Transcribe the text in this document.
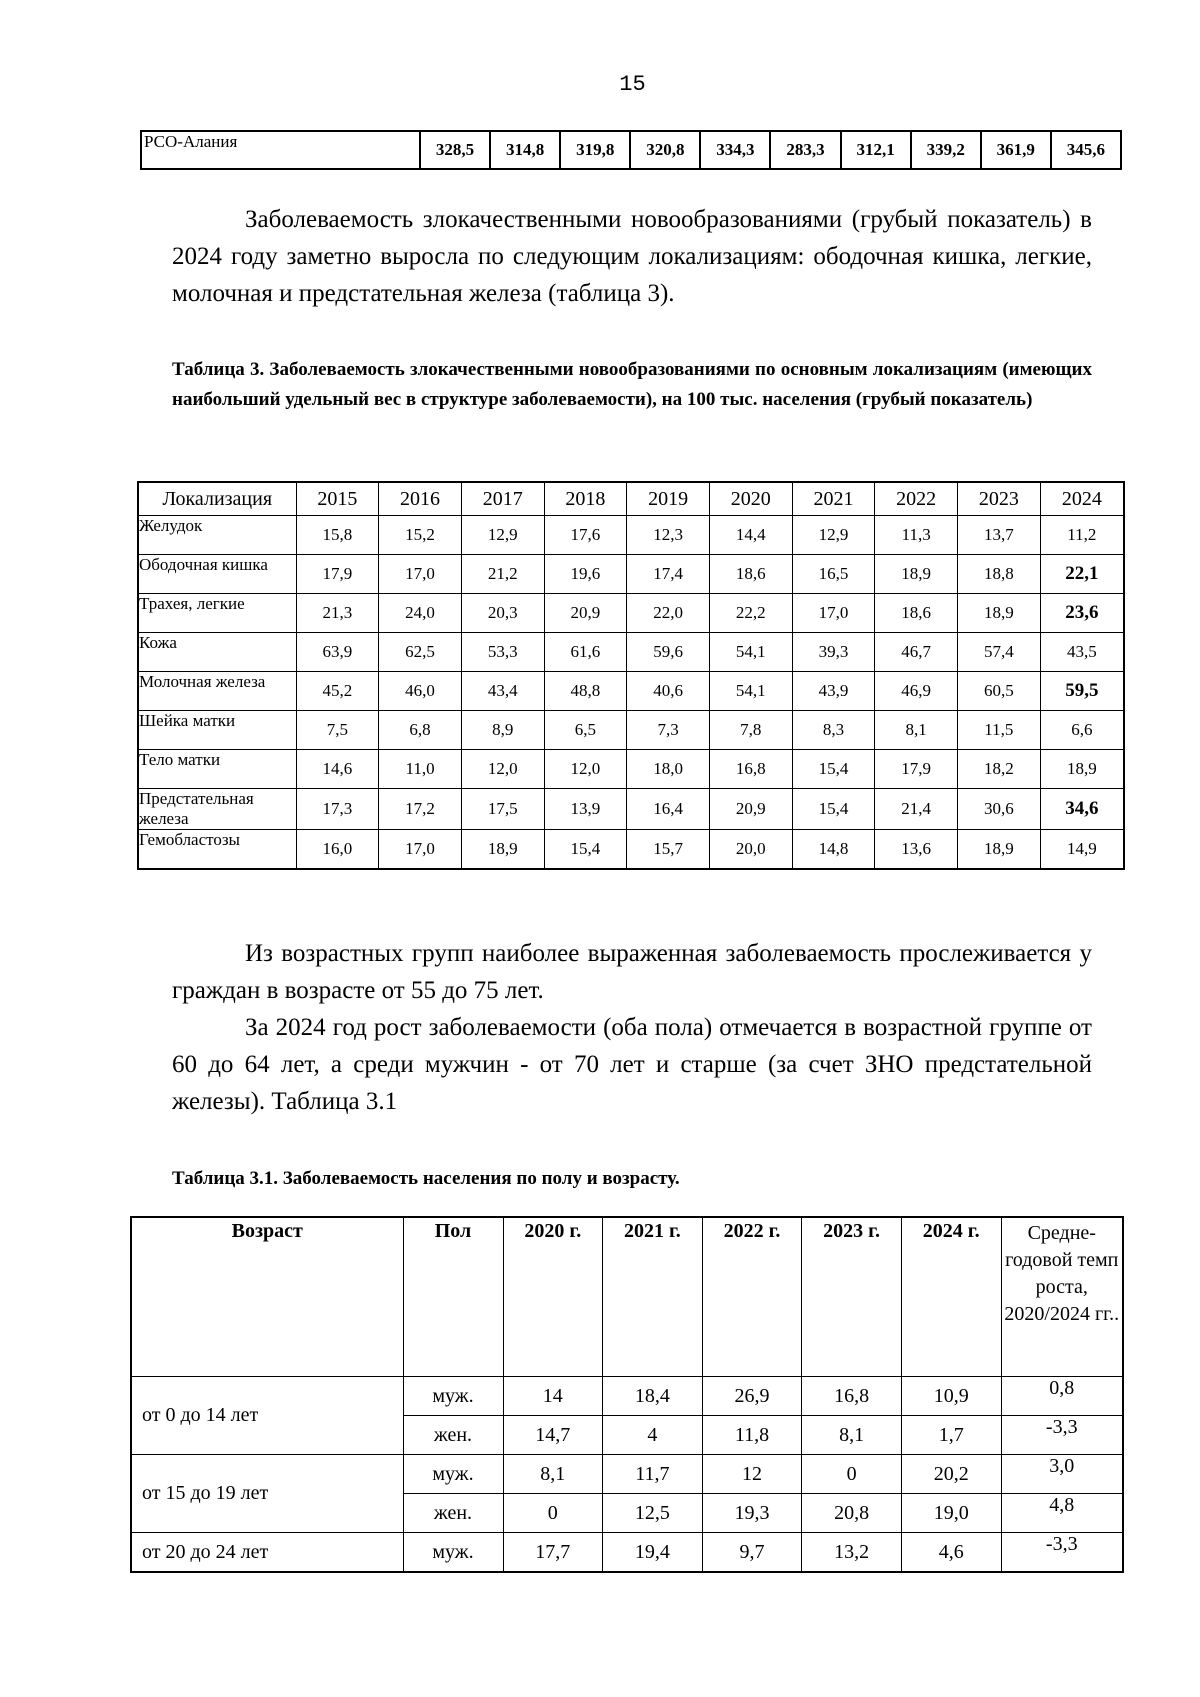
15
РСО-Алания	328,5	314,8	319,8	320,8	334,3	283,3	312,1	339,2	361,9	345,6

Заболеваемость злокачественными новообразованиями (грубый показатель) в 2024 году заметно выросла по следующим локализациям: ободочная кишка, легкие, молочная и предстательная железа (таблица 3).

Таблица 3. Заболеваемость злокачественными новообразованиями по основным локализациям (имеющих наибольший удельный вес в структуре заболеваемости), на 100 тыс. населения (грубый показатель)
Локализация	2015	2016	2017	2018	2019	2020	2021	2022	2023	2024
Желудок	15,8	15,2	12,9	17,6	12,3	14,4	12,9	11,3	13,7	11,2
Ободочная кишка	17,9	17,0	21,2	19,6	17,4	18,6	16,5	18,9	18,8	22,1
Трахея, легкие	21,3	24,0	20,3	20,9	22,0	22,2	17,0	18,6	18,9	23,6
Кожа	63,9	62,5	53,3	61,6	59,6	54,1	39,3	46,7	57,4	43,5
Молочная железа	45,2	46,0	43,4	48,8	40,6	54,1	43,9	46,9	60,5	59,5
Шейка матки	7,5	6,8	8,9	6,5	7,3	7,8	8,3	8,1	11,5	6,6
Тело матки	14,6	11,0	12,0	12,0	18,0	16,8	15,4	17,9	18,2	18,9
Предстательная железа	17,3	17,2	17,5	13,9	16,4	20,9	15,4	21,4	30,6	34,6
Гемобластозы	16,0	17,0	18,9	15,4	15,7	20,0	14,8	13,6	18,9	14,9

Из возрастных групп наиболее выраженная заболеваемость прослеживается у граждан в возрасте от 55 до 75 лет.

За 2024 год рост заболеваемости (оба пола) отмечается в возрастной группе от 60 до 64 лет, а среди мужчин - от 70 лет и старше (за счет ЗНО предстательной железы). Таблица 3.1

Таблица 3.1. Заболеваемость населения по полу и возрасту.
Возраст	Пол	2020 г.	2021 г.	2022 г.	2023 г.	2024 г.	Средне-годовой темп роста, 2020/2024 гг..
от 0 до 14 лет	муж.	14	18,4	26,9	16,8	10,9	0,8
	жен.	14,7	4	11,8	8,1	1,7	-3,3
от 15 до 19 лет	муж.	8,1	11,7	12	0	20,2	3,0
	жен.	0	12,5	19,3	20,8	19,0	4,8
от 20 до 24 лет	муж.	17,7	19,4	9,7	13,2	4,6	-3,3
